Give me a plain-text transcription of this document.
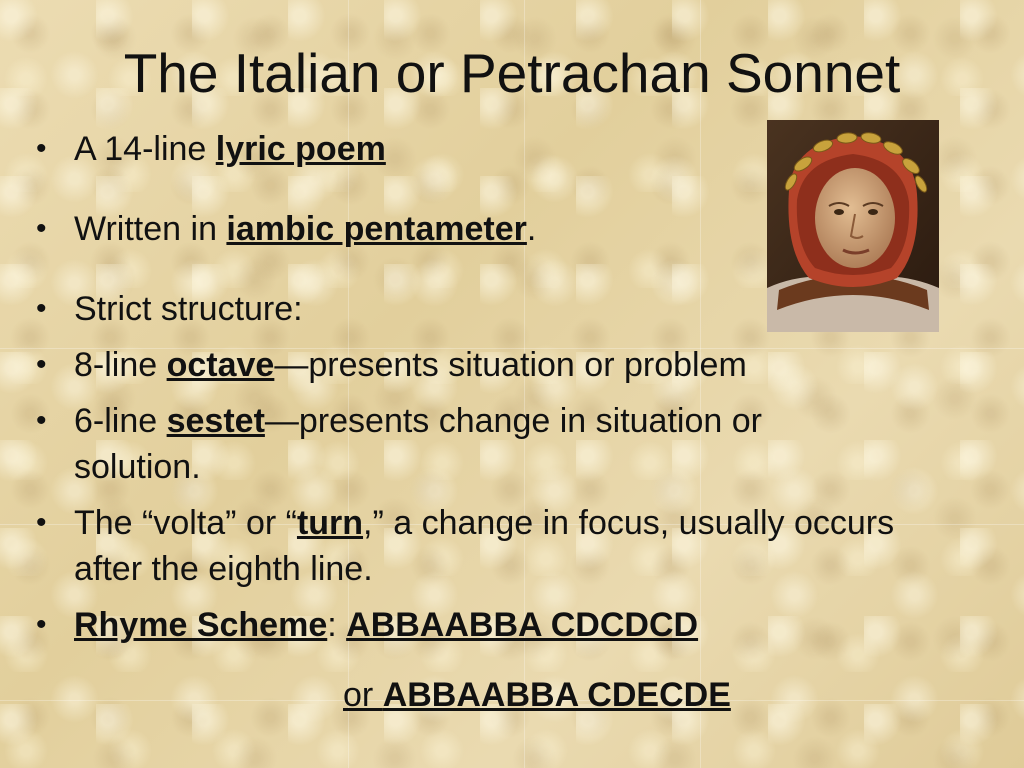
The Italian or Petrachan Sonnet
• A 14-line lyric poem
• Written in iambic pentameter.
• Strict structure:
• 8-line octave—presents situation or problem
• 6-line sestet—presents change in situation or solution.
• The “volta” or “turn,” a change in focus, usually occurs after the eighth line.
• Rhyme Scheme: ABBAABBA CDCDCD
or ABBAABBA CDECDE
